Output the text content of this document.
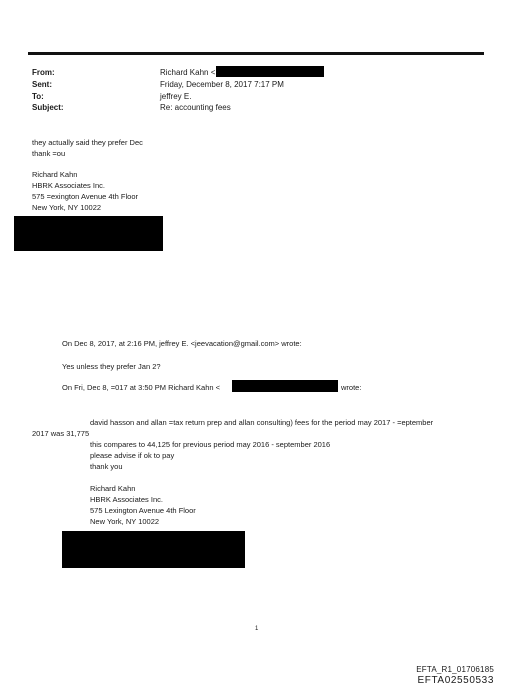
From:	Richard Kahn <
Sent:	Friday, December 8, 2017 7:17 PM
To:	jeffrey E.
Subject:	Re: accounting fees
they actually said they prefer Dec
thank =ou
Richard Kahn
HBRK Associates Inc.
575 =exington Avenue 4th Floor
New York, NY 10022
On Dec 8, 2017, at 2:16 PM, jeffrey E. <jeevacation@gmail.com> wrote:
Yes unless they prefer Jan 2?
On Fri, Dec 8, =017 at 3:50 PM Richard Kahn <	wrote:
david hasson and allan =tax return prep and allan consulting) fees for the period may 2017 - =eptember
2017 was 31,775
this compares to 44,125 for previous period may 2016 - september 2016
please advise if ok to pay
thank you
Richard Kahn
HBRK Associates Inc.
575 Lexington Avenue 4th Floor
New York, NY 10022
1
EFTA_R1_01706185
EFTA02550533
